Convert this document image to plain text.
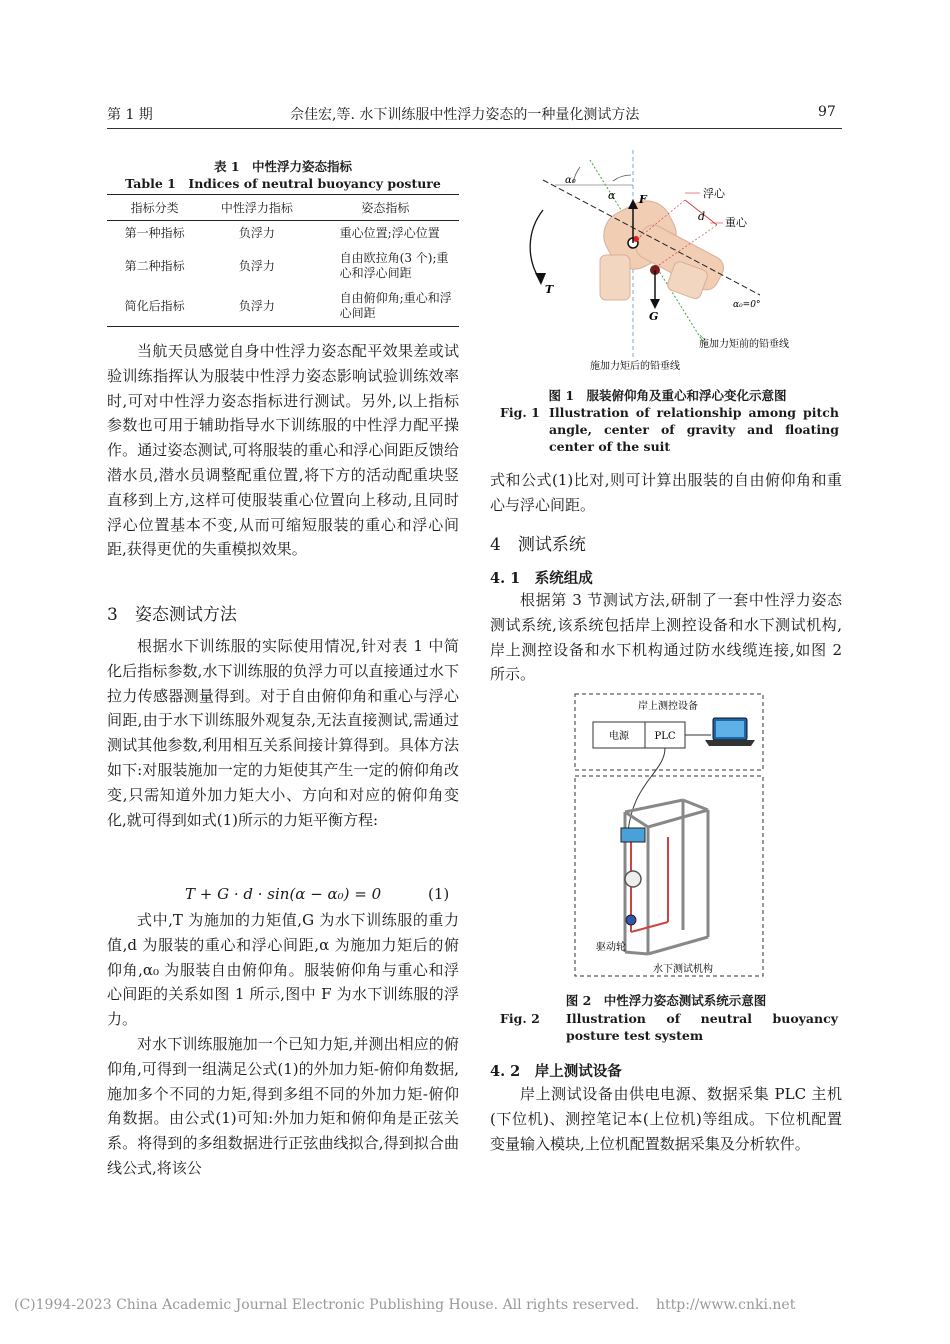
第 1 期	佘佳宏,等. 水下训练服中性浮力姿态的一种量化测试方法	97
表 1　中性浮力姿态指标
Table 1　Indices of neutral buoyancy posture
指标分类	中性浮力指标	姿态指标
第一种指标	负浮力	重心位置;浮心位置
第二种指标	负浮力	自由欧拉角(3 个);重心和浮心间距
简化后指标	负浮力	自由俯仰角;重心和浮心间距

当航天员感觉自身中性浮力姿态配平效果差或试验训练指挥认为服装中性浮力姿态影响试验训练效率时,可对中性浮力姿态指标进行测试。另外,以上指标参数也可用于辅助指导水下训练服的中性浮力配平操作。通过姿态测试,可将服装的重心和浮心间距反馈给潜水员,潜水员调整配重位置,将下方的活动配重块竖直移到上方,这样可使服装重心位置向上移动,且同时浮心位置基本不变,从而可缩短服装的重心和浮心间距,获得更优的失重模拟效果。

3　姿态测试方法

根据水下训练服的实际使用情况,针对表 1 中简化后指标参数,水下训练服的负浮力可以直接通过水下拉力传感器测量得到。对于自由俯仰角和重心与浮心间距,由于水下训练服外观复杂,无法直接测试,需通过测试其他参数,利用相互关系间接计算得到。具体方法如下:对服装施加一定的力矩使其产生一定的俯仰角改变,只需知道外加力矩大小、方向和对应的俯仰角变化,就可得到如式(1)所示的力矩平衡方程:

T + G · d · sin(α − α₀) = 0	(1)

式中,T 为施加的力矩值,G 为水下训练服的重力值,d 为服装的重心和浮心间距,α 为施加力矩后的俯仰角,α₀ 为服装自由俯仰角。服装俯仰角与重心和浮心间距的关系如图 1 所示,图中 F 为水下训练服的浮力。

对水下训练服施加一个已知力矩,并测出相应的俯仰角,可得到一组满足公式(1)的外加力矩-俯仰角数据,施加多个不同的力矩,得到多组不同的外加力矩-俯仰角数据。由公式(1)可知:外加力矩和俯仰角是正弦关系。将得到的多组数据进行正弦曲线拟合,得到拟合曲线公式,将该公

α₀
α F	浮心
d 重心
T
G
α₀=0°
施加力矩前的铅垂线
施加力矩后的铅垂线
图 1　服装俯仰角及重心和浮心变化示意图
Fig. 1 Illustration of relationship among pitch angle, center of gravity and floating center of the suit

式和公式(1)比对,则可计算出服装的自由俯仰角和重心与浮心间距。

4　测试系统
4. 1　系统组成

根据第 3 节测试方法,研制了一套中性浮力姿态测试系统,该系统包括岸上测控设备和水下测试机构,岸上测控设备和水下机构通过防水线缆连接,如图 2 所示。

岸上测控设备
电源	PLC
驱动轮
水下测试机构
图 2　中性浮力姿态测试系统示意图
Fig. 2 Illustration of neutral buoyancy posture test system
4. 2　岸上测试设备

岸上测试设备由供电电源、数据采集 PLC 主机(下位机)、测控笔记本(上位机)等组成。下位机配置变量输入模块,上位机配置数据采集及分析软件。

(C)1994-2023 China Academic Journal Electronic Publishing House. All rights reserved. http://www.cnki.net
